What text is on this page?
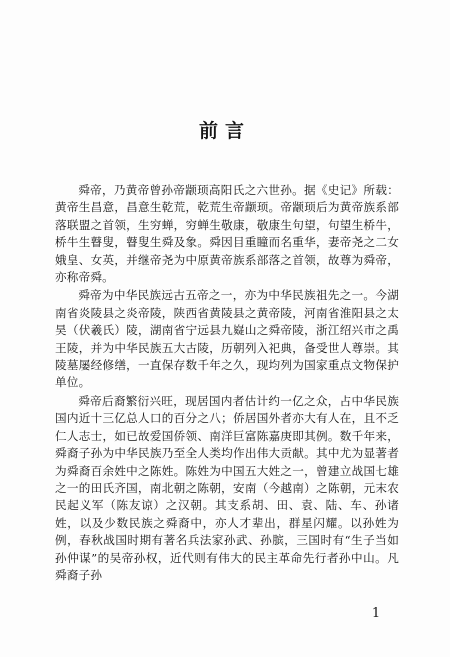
前言

舜帝，乃黄帝曾孙帝颛顼高阳氏之六世孙。据《史记》所载：黄帝生昌意，昌意生乾荒，乾荒生帝颛顼。帝颛顼后为黄帝族系部落联盟之首领，生穷蝉，穷蝉生敬康，敬康生句望，句望生桥牛，桥牛生瞽叟，瞽叟生舜及象。舜因目重瞳而名重华，妻帝尧之二女娥皇、女英，并继帝尧为中原黄帝族系部落之首领，故尊为舜帝，亦称帝舜。

舜帝为中华民族远古五帝之一，亦为中华民族祖先之一。今湖南省炎陵县之炎帝陵，陕西省黄陵县之黄帝陵，河南省淮阳县之太昊（伏羲氏）陵，湖南省宁远县九嶷山之舜帝陵，浙江绍兴市之禹王陵，并为中华民族五大古陵，历朝列入祀典，备受世人尊崇。其陵墓屡经修缮，一直保存数千年之久，现均列为国家重点文物保护单位。

舜帝后裔繁衍兴旺，现居国内者估计约一亿之众，占中华民族国内近十三亿总人口的百分之八；侨居国外者亦大有人在，且不乏仁人志士，如已故爱国侨领、南洋巨富陈嘉庚即其例。数千年来，舜裔子孙为中华民族乃至全人类均作出伟大贡献。其中尤为显著者为舜裔百余姓中之陈姓。陈姓为中国五大姓之一，曾建立战国七雄之一的田氏齐国，南北朝之陈朝，安南（今越南）之陈朝，元末农民起义军（陈友谅）之汉朝。其支系胡、田、袁、陆、车、孙诸姓，以及少数民族之舜裔中，亦人才辈出，群星闪耀。以孙姓为例，春秋战国时期有著名兵法家孙武、孙膑，三国时有“生子当如孙仲谋”的吴帝孙权，近代则有伟大的民主革命先行者孙中山。凡舜裔子孙

1
